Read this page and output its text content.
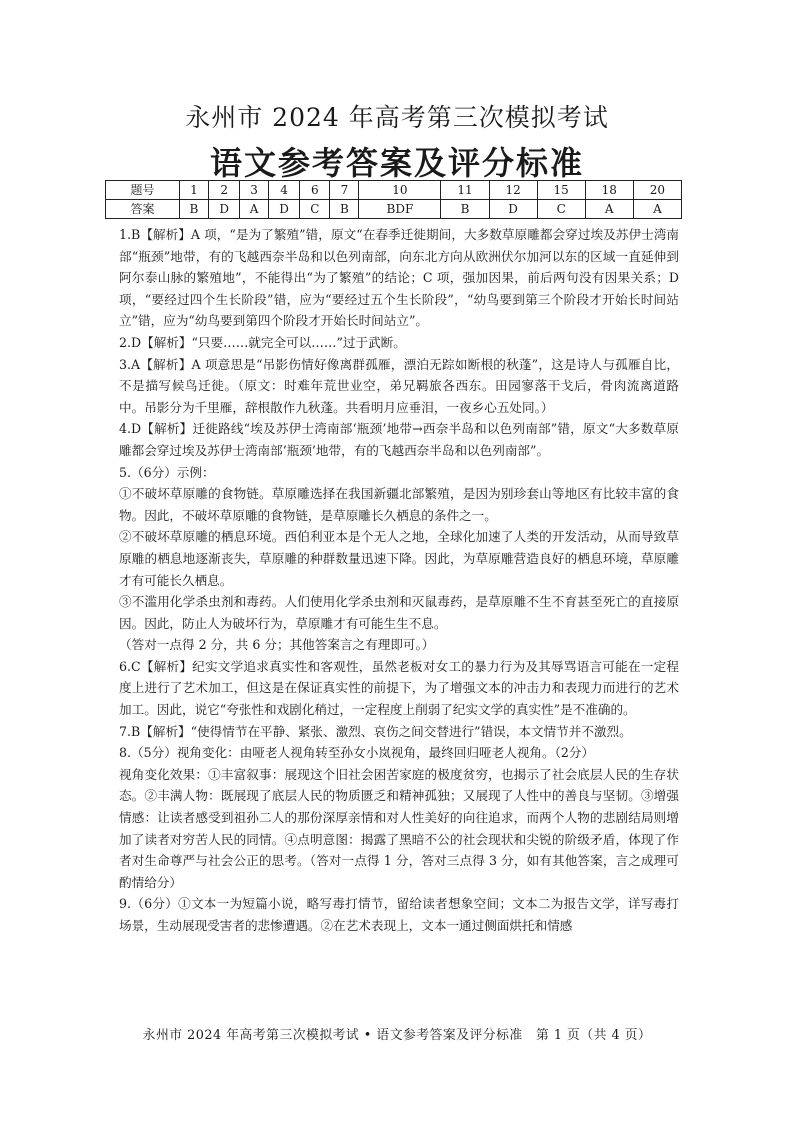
永州市 2024 年高考第三次模拟考试
语文参考答案及评分标准
题号	1	2	3	4	6	7	10	11	12	15	18	20
答案	B	D	A	D	C	B	BDF	B	D	C	A	A

1.B【解析】A 项，“是为了繁殖”错，原文“在春季迁徙期间，大多数草原雕都会穿过埃及苏伊士湾南部“瓶颈”地带，有的飞越西奈半岛和以色列南部，向东北方向从欧洲伏尔加河以东的区域一直延伸到阿尔泰山脉的繁殖地”，不能得出“为了繁殖”的结论；C 项，强加因果，前后两句没有因果关系；D 项，“要经过四个生长阶段”错，应为“要经过五个生长阶段”，“幼鸟要到第三个阶段才开始长时间站立”错，应为“幼鸟要到第四个阶段才开始长时间站立”。

2.D【解析】“只要……就完全可以……”过于武断。

3.A【解析】A 项意思是“吊影伤情好像离群孤雁，漂泊无踪如断根的秋蓬”，这是诗人与孤雁自比，不是描写候鸟迁徙。（原文：时难年荒世业空，弟兄羁旅各西东。田园寥落干戈后，骨肉流离道路中。吊影分为千里雁，辞根散作九秋蓬。共看明月应垂泪，一夜乡心五处同。）

4.D【解析】迁徙路线“埃及苏伊士湾南部‘瓶颈’地带→西奈半岛和以色列南部”错，原文“大多数草原雕都会穿过埃及苏伊士湾南部‘瓶颈’地带，有的飞越西奈半岛和以色列南部”。

5.（6分）示例：

①不破坏草原雕的食物链。草原雕选择在我国新疆北部繁殖，是因为别珍套山等地区有比较丰富的食物。因此，不破坏草原雕的食物链，是草原雕长久栖息的条件之一。

②不破坏草原雕的栖息环境。西伯利亚本是个无人之地，全球化加速了人类的开发活动，从而导致草原雕的栖息地逐渐丧失，草原雕的种群数量迅速下降。因此，为草原雕营造良好的栖息环境，草原雕才有可能长久栖息。

③不滥用化学杀虫剂和毒药。人们使用化学杀虫剂和灭鼠毒药，是草原雕不生不育甚至死亡的直接原因。因此，防止人为破坏行为，草原雕才有可能生生不息。

（答对一点得 2 分，共 6 分；其他答案言之有理即可。）

6.C【解析】纪实文学追求真实性和客观性，虽然老板对女工的暴力行为及其辱骂语言可能在一定程度上进行了艺术加工，但这是在保证真实性的前提下，为了增强文本的冲击力和表现力而进行的艺术加工。因此，说它“夸张性和戏剧化稍过，一定程度上削弱了纪实文学的真实性”是不准确的。

7.B【解析】“使得情节在平静、紧张、激烈、哀伤之间交替进行”错误，本文情节并不激烈。

8.（5分）视角变化：由哑老人视角转至孙女小岚视角，最终回归哑老人视角。（2分）

视角变化效果：①丰富叙事：展现这个旧社会困苦家庭的极度贫穷，也揭示了社会底层人民的生存状态。②丰满人物：既展现了底层人民的物质匮乏和精神孤独；又展现了人性中的善良与坚韧。③增强情感：让读者感受到祖孙二人的那份深厚亲情和对人性美好的向往追求，而两个人物的悲剧结局则增加了读者对穷苦人民的同情。④点明意图：揭露了黑暗不公的社会现状和尖锐的阶级矛盾，体现了作者对生命尊严与社会公正的思考。（答对一点得 1 分，答对三点得 3 分，如有其他答案，言之成理可酌情给分）

9.（6分）①文本一为短篇小说，略写毒打情节，留给读者想象空间；文本二为报告文学，详写毒打场景，生动展现受害者的悲惨遭遇。②在艺术表现上，文本一通过侧面烘托和情感

永州市 2024 年高考第三次模拟考试 • 语文参考答案及评分标准　第 1 页（共 4 页）
